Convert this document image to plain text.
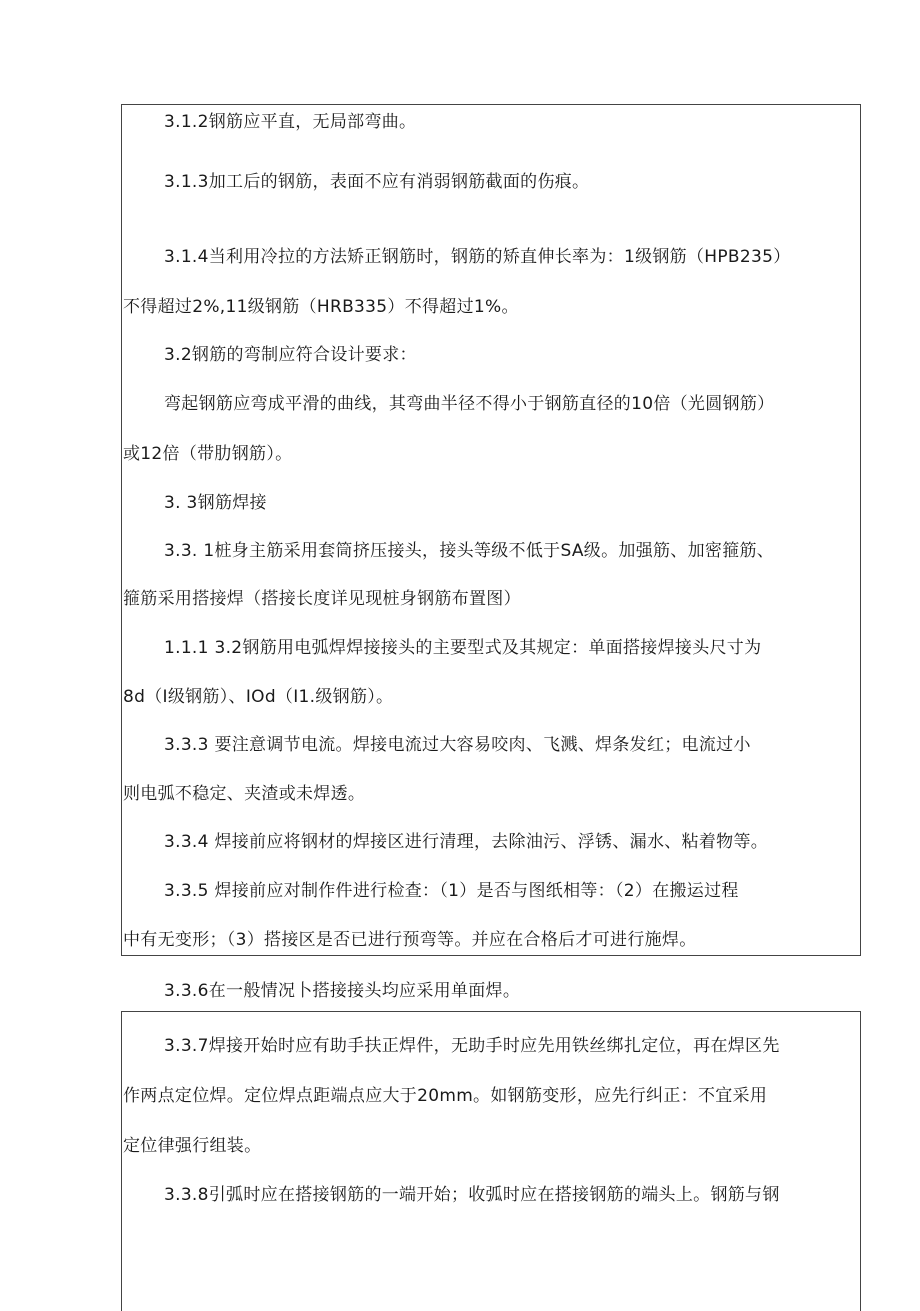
3.1.2钢筋应平直，无局部弯曲。

3.1.3加工后的钢筋，表面不应有消弱钢筋截面的伤痕。

3.1.4当利用冷拉的方法矫正钢筋时，钢筋的矫直伸长率为：1级钢筋（HPB235）

不得超过2%,11级钢筋（HRB335）不得超过1%。

3.2钢筋的弯制应符合设计要求：

弯起钢筋应弯成平滑的曲线，其弯曲半径不得小于钢筋直径的10倍（光圆钢筋）

或12倍（带肋钢筋）。

3. 3钢筋焊接

3.3. 1桩身主筋采用套筒挤压接头，接头等级不低于SA级。加强筋、加密箍筋、

箍筋采用搭接焊（搭接长度详见现桩身钢筋布置图）

1.1.1 3.2钢筋用电弧焊焊接接头的主要型式及其规定：单面搭接焊接头尺寸为

8d（I级钢筋）、IOd（I1.级钢筋）。

3.3.3 要注意调节电流。焊接电流过大容易咬肉、飞溅、焊条发红；电流过小

则电弧不稳定、夹渣或未焊透。

3.3.4 焊接前应将钢材的焊接区进行清理，去除油污、浮锈、漏水、粘着物等。

3.3.5 焊接前应对制作件进行检查：（1）是否与图纸相等：（2）在搬运过程

中有无变形；（3）搭接区是否已进行预弯等。并应在合格后才可进行施焊。

3.3.6在一般情况卜搭接接头均应采用单面焊。

3.3.7焊接开始时应有助手扶正焊件，无助手时应先用铁丝绑扎定位，再在焊区先

作两点定位焊。定位焊点距端点应大于20mm。如钢筋变形，应先行纠正：不宜采用

定位律强行组装。

3.3.8引弧时应在搭接钢筋的一端开始；收弧时应在搭接钢筋的端头上。钢筋与钢
